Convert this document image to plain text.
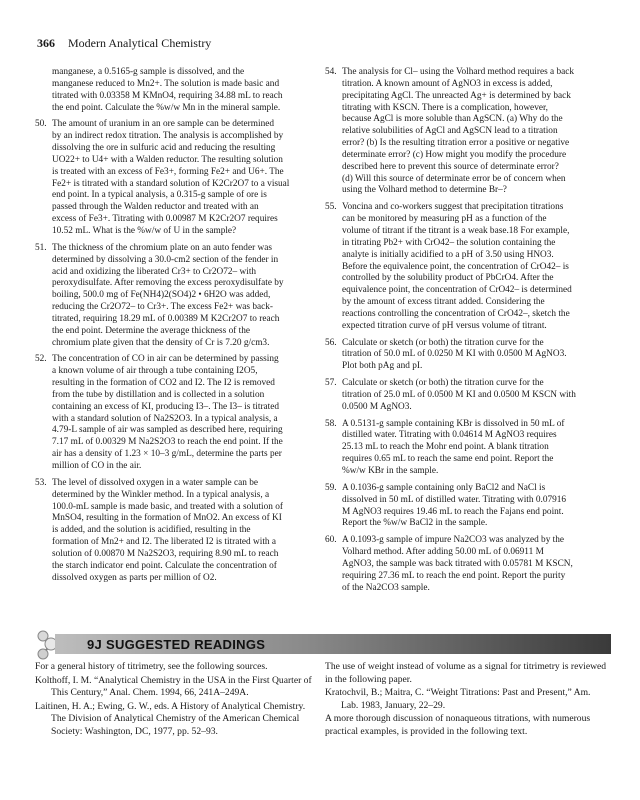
366 Modern Analytical Chemistry
manganese, a 0.5165-g sample is dissolved, and the
manganese reduced to Mn2+. The solution is made basic and
titrated with 0.03358 M KMnO4, requiring 34.88 mL to reach
the end point. Calculate the %w/w Mn in the mineral sample.
50. The amount of uranium in an ore sample can be determined
by an indirect redox titration. The analysis is accomplished by
dissolving the ore in sulfuric acid and reducing the resulting
UO22+ to U4+ with a Walden reductor. The resulting solution
is treated with an excess of Fe3+, forming Fe2+ and U6+. The
Fe2+ is titrated with a standard solution of K2Cr2O7 to a visual
end point. In a typical analysis, a 0.315-g sample of ore is
passed through the Walden reductor and treated with an
excess of Fe3+. Titrating with 0.00987 M K2Cr2O7 requires
10.52 mL. What is the %w/w of U in the sample?
51. The thickness of the chromium plate on an auto fender was
determined by dissolving a 30.0-cm2 section of the fender in
acid and oxidizing the liberated Cr3+ to Cr2O72– with
peroxydisulfate. After removing the excess peroxydisulfate by
boiling, 500.0 mg of Fe(NH4)2(SO4)2 • 6H2O was added,
reducing the Cr2O72– to Cr3+. The excess Fe2+ was back-
titrated, requiring 18.29 mL of 0.00389 M K2Cr2O7 to reach
the end point. Determine the average thickness of the
chromium plate given that the density of Cr is 7.20 g/cm3.
52. The concentration of CO in air can be determined by passing
a known volume of air through a tube containing I2O5,
resulting in the formation of CO2 and I2. The I2 is removed
from the tube by distillation and is collected in a solution
containing an excess of KI, producing I3–. The I3– is titrated
with a standard solution of Na2S2O3. In a typical analysis, a
4.79-L sample of air was sampled as described here, requiring
7.17 mL of 0.00329 M Na2S2O3 to reach the end point. If the
air has a density of 1.23 × 10–3 g/mL, determine the parts per
million of CO in the air.
53. The level of dissolved oxygen in a water sample can be
determined by the Winkler method. In a typical analysis, a
100.0-mL sample is made basic, and treated with a solution of
MnSO4, resulting in the formation of MnO2. An excess of KI
is added, and the solution is acidified, resulting in the
formation of Mn2+ and I2. The liberated I2 is titrated with a
solution of 0.00870 M Na2S2O3, requiring 8.90 mL to reach
the starch indicator end point. Calculate the concentration of
dissolved oxygen as parts per million of O2.
54. The analysis for Cl– using the Volhard method requires a back
titration. A known amount of AgNO3 in excess is added,
precipitating AgCl. The unreacted Ag+ is determined by back
titrating with KSCN. There is a complication, however,
because AgCl is more soluble than AgSCN. (a) Why do the
relative solubilities of AgCl and AgSCN lead to a titration
error? (b) Is the resulting titration error a positive or negative
determinate error? (c) How might you modify the procedure
described here to prevent this source of determinate error?
(d) Will this source of determinate error be of concern when
using the Volhard method to determine Br–?
55. Voncina and co-workers suggest that precipitation titrations
can be monitored by measuring pH as a function of the
volume of titrant if the titrant is a weak base.18 For example,
in titrating Pb2+ with CrO42– the solution containing the
analyte is initially acidified to a pH of 3.50 using HNO3.
Before the equivalence point, the concentration of CrO42– is
controlled by the solubility product of PbCrO4. After the
equivalence point, the concentration of CrO42– is determined
by the amount of excess titrant added. Considering the
reactions controlling the concentration of CrO42–, sketch the
expected titration curve of pH versus volume of titrant.
56. Calculate or sketch (or both) the titration curve for the
titration of 50.0 mL of 0.0250 M KI with 0.0500 M AgNO3.
Plot both pAg and pI.
57. Calculate or sketch (or both) the titration curve for the
titration of 25.0 mL of 0.0500 M KI and 0.0500 M KSCN with
0.0500 M AgNO3.
58. A 0.5131-g sample containing KBr is dissolved in 50 mL of
distilled water. Titrating with 0.04614 M AgNO3 requires
25.13 mL to reach the Mohr end point. A blank titration
requires 0.65 mL to reach the same end point. Report the
%w/w KBr in the sample.
59. A 0.1036-g sample containing only BaCl2 and NaCl is
dissolved in 50 mL of distilled water. Titrating with 0.07916
M AgNO3 requires 19.46 mL to reach the Fajans end point.
Report the %w/w BaCl2 in the sample.
60. A 0.1093-g sample of impure Na2CO3 was analyzed by the
Volhard method. After adding 50.00 mL of 0.06911 M
AgNO3, the sample was back titrated with 0.05781 M KSCN,
requiring 27.36 mL to reach the end point. Report the purity
of the Na2CO3 sample.
9J SUGGESTED READINGS

For a general history of titrimetry, see the following sources.

Kolthoff, I. M. “Analytical Chemistry in the USA in the First Quarter of This Century,” Anal. Chem. 1994, 66, 241A–249A.

Laitinen, H. A.; Ewing, G. W., eds. A History of Analytical Chemistry. The Division of Analytical Chemistry of the American Chemical Society: Washington, DC, 1977, pp. 52–93.

The use of weight instead of volume as a signal for titrimetry is reviewed in the following paper.

Kratochvil, B.; Maitra, C. “Weight Titrations: Past and Present,” Am. Lab. 1983, January, 22–29.

A more thorough discussion of nonaqueous titrations, with numerous practical examples, is provided in the following text.
